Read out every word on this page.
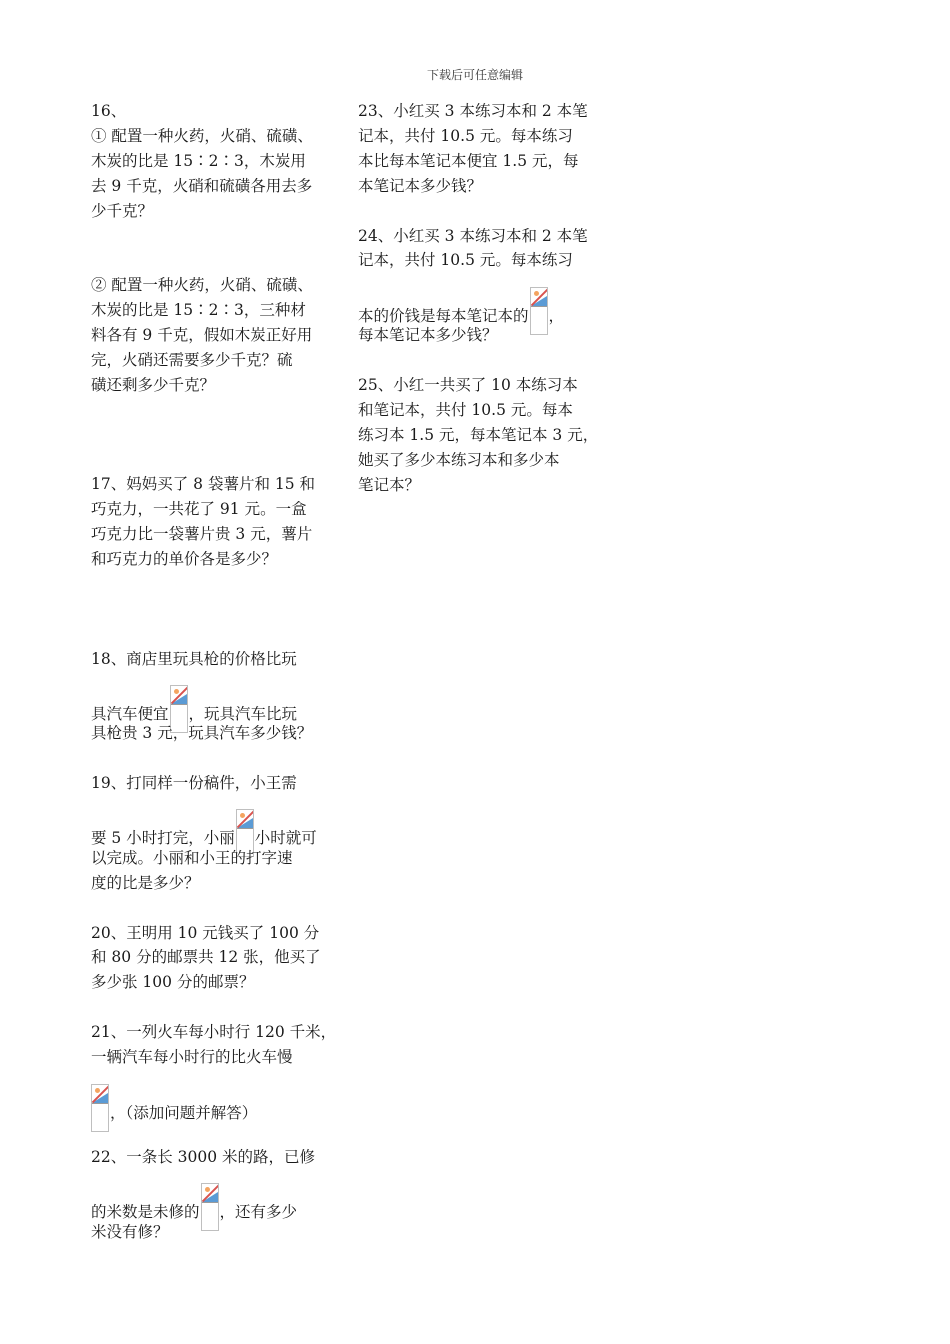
下载后可任意编辑
16、
① 配置一种火药，火硝、硫磺、
木炭的比是 15∶2∶3，木炭用
去 9 千克，火硝和硫磺各用去多
少千克？
② 配置一种火药，火硝、硫磺、
木炭的比是 15∶2∶3，三种材
料各有 9 千克，假如木炭正好用
完，火硝还需要多少千克？硫
磺还剩多少千克？
17、妈妈买了 8 袋薯片和 15 和
巧克力，一共花了 91 元。一盒
巧克力比一袋薯片贵 3 元，薯片
和巧克力的单价各是多少？
18、商店里玩具枪的价格比玩
具汽车便宜 ，玩具汽车比玩
具枪贵 3 元，玩具汽车多少钱？
19、打同样一份稿件，小王需
要 5 小时打完，小丽 小时就可
以完成。小丽和小王的打字速
度的比是多少？
20、王明用 10 元钱买了 100 分
和 80 分的邮票共 12 张，他买了
多少张 100 分的邮票？
21、一列火车每小时行 120 千米，
一辆汽车每小时行的比火车慢
，（添加问题并解答）
22、一条长 3000 米的路，已修
的米数是未修的 ，还有多少
米没有修？
23、小红买 3 本练习本和 2 本笔
记本，共付 10.5 元。每本练习
本比每本笔记本便宜 1.5 元，每
本笔记本多少钱？
24、小红买 3 本练习本和 2 本笔
记本，共付 10.5 元。每本练习
本的价钱是每本笔记本的 ，
每本笔记本多少钱？
25、小红一共买了 10 本练习本
和笔记本，共付 10.5 元。每本
练习本 1.5 元，每本笔记本 3 元，
她买了多少本练习本和多少本
笔记本？
